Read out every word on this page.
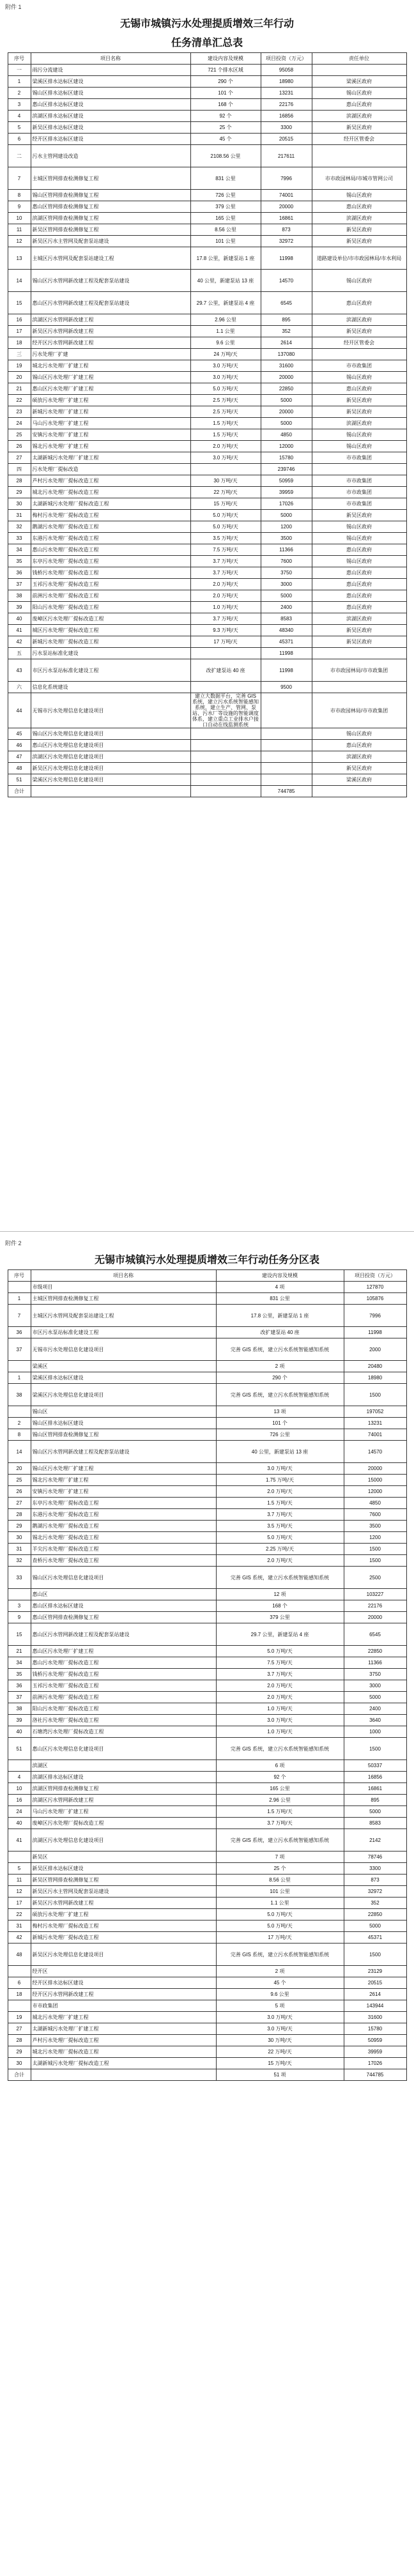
附件 1
无锡市城镇污水处理提质增效三年行动
任务清单汇总表
序号	项目名称	建设内容及规模	项目投资（万元）	责任单位
一	雨污分流建设	721 个排水区域	95058	
1	梁溪区排水达标区建设	290 个	18980	梁溪区政府
2	锡山区排水达标区建设	101 个	13231	锡山区政府
3	惠山区排水达标区建设	168 个	22176	惠山区政府
4	滨湖区排水达标区建设	92 个	16856	滨湖区政府
5	新吴区排水达标区建设	25 个	3300	新吴区政府
6	经开区排水达标区建设	45 个	20515	经开区管委会
二	污水主管网建设改造	2108.56 公里	217611	
7	主城区管网排查检测修复工程	831 公里	7996	市市政园林局/市城市管网公司
8	锡山区管网排查检测修复工程	726 公里	74001	锡山区政府
9	惠山区管网排查检测修复工程	379 公里	20000	惠山区政府
10	滨湖区管网排查检测修复工程	165 公里	16861	滨湖区政府
11	新吴区管网排查检测修复工程	8.56 公里	873	新吴区政府
12	新吴区污水主管网及配套泵站建设	101 公里	32972	新吴区政府
13	主城区污水管网及配套泵站建设工程	17.8 公里，新建泵站 1 座	11998	道路建设单位/市市政园林局/市水利局
14	锡山区污水管网新改建工程及配套泵站建设	40 公里，新建泵站 13 座	14570	锡山区政府
15	惠山区污水管网新改建工程及配套泵站建设	29.7 公里，新建泵站 4 座	6545	惠山区政府
16	滨湖区污水管网新改建工程	2.96 公里	895	滨湖区政府
17	新吴区污水管网新改建工程	1.1 公里	352	新吴区政府
18	经开区污水管网新改建工程	9.6 公里	2614	经开区管委会
三	污水处理厂扩建	24 万吨/天	137080	
19	城北污水处理厂扩建工程	3.0 万吨/天	31600	市市政集团
20	锡山区污水处理厂扩建工程	3.0 万吨/天	20000	锡山区政府
21	惠山区污水处理厂扩建工程	5.0 万吨/天	22850	惠山区政府
22	硕放污水处理厂扩建工程	2.5 万吨/天	5000	新吴区政府
23	新城污水处理厂扩建工程	2.5 万吨/天	20000	新吴区政府
24	马山污水处理厂扩建工程	1.5 万吨/天	5000	滨湖区政府
25	安镇污水处理厂扩建工程	1.5 万吨/天	4850	锡山区政府
26	锡北污水处理厂扩建工程	2.0 万吨/天	12000	锡山区政府
27	太湖新城污水处理厂扩建工程	3.0 万吨/天	15780	市市政集团
四	污水处理厂提标改造		239746	
28	芦村污水处理厂提标改造工程	30 万吨/天	50959	市市政集团
29	城北污水处理厂提标改造工程	22 万吨/天	39959	市市政集团
30	太湖新城污水处理厂提标改造工程	15 万吨/天	17026	市市政集团
31	梅村污水处理厂提标改造工程	5.0 万吨/天	5000	新吴区政府
32	鹅湖污水处理厂提标改造工程	5.0 万吨/天	1200	锡山区政府
33	东港污水处理厂提标改造工程	3.5 万吨/天	3500	锡山区政府
34	惠山污水处理厂提标改造工程	7.5 万吨/天	11366	惠山区政府
35	东亭污水处理厂提标改造工程	3.7 万吨/天	7600	锡山区政府
36	钱桥污水处理厂提标改造工程	3.7 万吨/天	3750	惠山区政府
37	玉祁污水处理厂提标改造工程	2.0 万吨/天	3000	惠山区政府
38	前洲污水处理厂提标改造工程	2.0 万吨/天	5000	惠山区政府
39	阳山污水处理厂提标改造工程	1.0 万吨/天	2400	惠山区政府
40	废嶂区污水处理厂提标改造工程	3.7 万吨/天	8583	滨湖区政府
41	城区污水处理厂提标改造工程	9.3 万吨/天	48340	新吴区政府
42	新城污水处理厂提标改造工程	17 万吨/天	45371	新吴区政府
五	污水泵站标准化建设		11998	
43	市区污水泵站标准化建设工程	改扩建泵站 40 座	11998	市市政园林局/市市政集团
六	信息化系统建设		9500	
44	无锡市污水处理信息化建设项目	建立大数据平台，完善 GIS 系统，建立污水系统智能感知系统，建立生产、管网、泵站、污水厂等设施的智能调度体系，建立重点工业排水户接口自动在线监测系统		市市政园林局/市市政集团
45	锡山区污水处理信息化建设项目			锡山区政府
46	惠山区污水处理信息化建设项目			惠山区政府
47	滨湖区污水处理信息化建设项目			滨湖区政府
48	新吴区污水处理信息化建设项目			新吴区政府
51	梁溪区污水处理信息化建设项目			梁溪区政府
合计			744785	
附件 2
无锡市城镇污水处理提质增效三年行动任务分区表
序号	项目名称	建设内容及规模	项目投资（万元）
	市级项目	4 项	127870
1	主城区管网排查检测修复工程	831 公里	105876
7	主城区污水管网及配套泵站建设工程	17.8 公里，新建泵站 1 座	7996
36	市区污水泵站标准化建设工程	改扩建泵站 40 座	11998
37	无锡市污水处理信息化建设项目	完善 GIS 系统，建立污水系统智能感知系统	2000
	梁溪区	2 项	20480
1	梁溪区排水达标区建设	290 个	18980
38	梁溪区污水处理信息化建设项目	完善 GIS 系统，建立污水系统智能感知系统	1500
	锡山区	13 项	197052
2	锡山区排水达标区建设	101 个	13231
8	锡山区管网排查检测修复工程	726 公里	74001
14	锡山区污水管网新改建工程及配套泵站建设	40 公里，新建泵站 13 座	14570
20	锡山区污水处理厂扩建工程	3.0 万吨/天	20000
25	锡北污水处理厂扩建工程	1.75 万吨/天	15000
26	安镇污水处理厂扩建工程	2.0 万吨/天	12000
27	东亭污水处理厂提标改造工程	1.5 万吨/天	4850
28	东港污水处理厂提标改造工程	3.7 万吨/天	7600
29	鹅湖污水处理厂提标改造工程	3.5 万吨/天	3500
30	锡北污水处理厂提标改造工程	5.0 万吨/天	1200
31	羊尖污水处理厂提标改造工程	2.25 万吨/天	1500
32	查桥污水处理厂提标改造工程	2.0 万吨/天	1500
33	锡山区污水处理信息化建设项目	完善 GIS 系统，建立污水系统智能感知系统	2500
	惠山区	12 项	103227
3	惠山区排水达标区建设	168 个	22176
9	惠山区管网排查检测修复工程	379 公里	20000
15	惠山区污水管网新改建工程及配套泵站建设	29.7 公里，新建泵站 4 座	6545
21	惠山区污水处理厂扩建工程	5.0 万吨/天	22850
34	惠山污水处理厂提标改造工程	7.5 万吨/天	11366
35	钱桥污水处理厂提标改造工程	3.7 万吨/天	3750
36	玉祁污水处理厂提标改造工程	2.0 万吨/天	3000
37	前洲污水处理厂提标改造工程	2.0 万吨/天	5000
38	阳山污水处理厂提标改造工程	1.0 万吨/天	2400
39	洛社污水处理厂提标改造工程	3.0 万吨/天	3640
40	石塘湾污水处理厂提标改造工程	1.0 万吨/天	1000
51	惠山区污水处理信息化建设项目	完善 GIS 系统，建立污水系统智能感知系统	1500
	滨湖区	6 项	50337
4	滨湖区排水达标区建设	92 个	16856
10	滨湖区管网排查检测修复工程	165 公里	16861
16	滨湖区污水管网新改建工程	2.96 公里	895
24	马山污水处理厂扩建工程	1.5 万吨/天	5000
40	废嶂区污水处理厂提标改造工程	3.7 万吨/天	8583
41	滨湖区污水处理信息化建设项目	完善 GIS 系统，建立污水系统智能感知系统	2142
	新吴区	7 项	78746
5	新吴区排水达标区建设	25 个	3300
11	新吴区管网排查检测修复工程	8.56 公里	873
12	新吴区污水主管网及配套泵站建设	101 公里	32972
17	新吴区污水管网新改建工程	1.1 公里	352
22	硕放污水处理厂扩建工程	5.0 万吨/天	22850
31	梅村污水处理厂提标改造工程	5.0 万吨/天	5000
42	新城污水处理厂提标改造工程	17 万吨/天	45371
48	新吴区污水处理信息化建设项目	完善 GIS 系统，建立污水系统智能感知系统	1500
	经开区	2 项	23129
6	经开区排水达标区建设	45 个	20515
18	经开区污水管网新改建工程	9.6 公里	2614
	市市政集团	5 项	143944
19	城北污水处理厂扩建工程	3.0 万吨/天	31600
27	太湖新城污水处理厂扩建工程	3.0 万吨/天	15780
28	芦村污水处理厂提标改造工程	30 万吨/天	50959
29	城北污水处理厂提标改造工程	22 万吨/天	39959
30	太湖新城污水处理厂提标改造工程	15 万吨/天	17026
合计		51 项	744785
